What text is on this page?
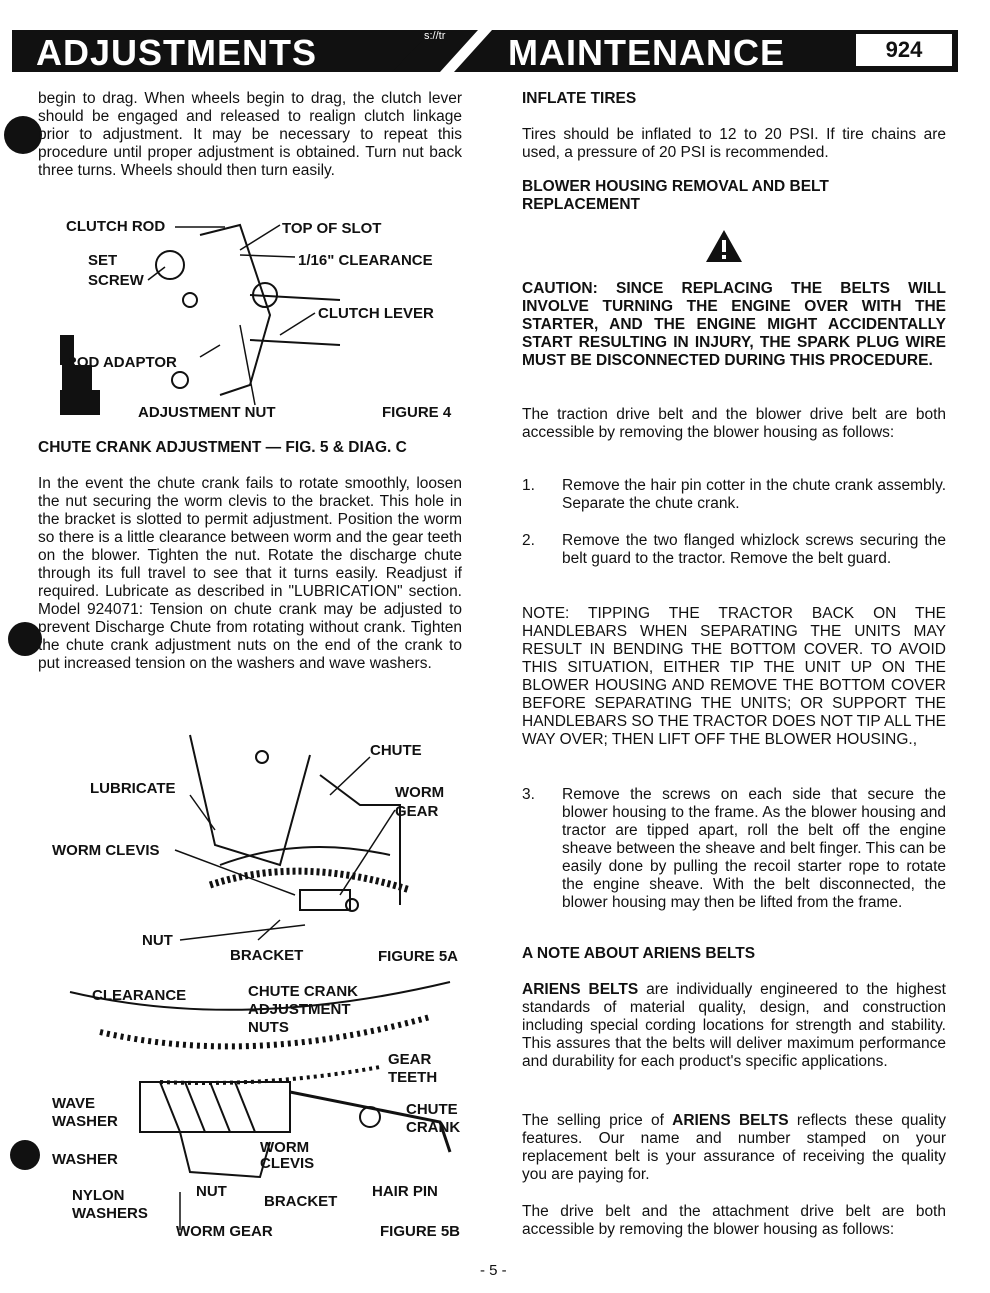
ADJUSTMENTS	MAINTENANCE
s://tr
924
begin to drag. When wheels begin to drag, the clutch lever should be engaged and released to realign clutch linkage prior to adjustment. It may be necessary to repeat this procedure until proper adjustment is obtained. Turn nut back three turns. Wheels should then turn easily.
CLUTCH ROD	TOP OF SLOT
SET
SCREW
1/16" CLEARANCE
CLUTCH LEVER
ROD ADAPTOR
ADJUSTMENT NUT	FIGURE 4
CHUTE CRANK ADJUSTMENT — FIG. 5 & DIAG. C
In the event the chute crank fails to rotate smoothly, loosen the nut securing the worm clevis to the bracket. This hole in the bracket is slotted to permit adjustment. Position the worm so there is a little clearance between worm and the gear teeth on the blower. Tighten the nut. Rotate the discharge chute through its full travel to see that it turns easily. Readjust if required. Lubricate as described in "LUBRICATION" section. Model 924071: Tension on chute crank may be adjusted to prevent Discharge Chute from rotating without crank. Tighten the chute crank adjustment nuts on the end of the crank to put increased tension on the washers and wave washers.
CHUTE
LUBRICATE	WORM
GEAR
WORM CLEVIS
NUT
BRACKET	FIGURE 5A
CLEARANCE	CHUTE CRANK
ADJUSTMENT
NUTS
GEAR
TEETH
WAVE
WASHER
CHUTE
CRANK
WORM
CLEVIS
WASHER
NYLON
WASHERS
NUT
BRACKET
HAIR PIN
WORM GEAR	FIGURE 5B
INFLATE TIRES
Tires should be inflated to 12 to 20 PSI. If tire chains are used, a pressure of 20 PSI is recommended.
BLOWER HOUSING REMOVAL AND BELT REPLACEMENT
CAUTION: SINCE REPLACING THE BELTS WILL INVOLVE TURNING THE ENGINE OVER WITH THE STARTER, AND THE ENGINE MIGHT ACCIDENTALLY START RESULTING IN INJURY, THE SPARK PLUG WIRE MUST BE DISCONNECTED DURING THIS PROCEDURE.
The traction drive belt and the blower drive belt are both accessible by removing the blower housing as follows:
1.	Remove the hair pin cotter in the chute crank assembly. Separate the chute crank.
2.	Remove the two flanged whizlock screws securing the belt guard to the tractor. Remove the belt guard.
NOTE: TIPPING THE TRACTOR BACK ON THE HANDLEBARS WHEN SEPARATING THE UNITS MAY RESULT IN BENDING THE BOTTOM COVER. TO AVOID THIS SITUATION, EITHER TIP THE UNIT UP ON THE BLOWER HOUSING AND REMOVE THE BOTTOM COVER BEFORE SEPARATING THE UNITS; OR SUPPORT THE HANDLEBARS SO THE TRACTOR DOES NOT TIP ALL THE WAY OVER; THEN LIFT OFF THE BLOWER HOUSING.,
3.	Remove the screws on each side that secure the blower housing to the frame. As the blower housing and tractor are tipped apart, roll the belt off the engine sheave between the sheave and belt finger. This can be easily done by pulling the recoil starter rope to rotate the engine sheave. With the belt disconnected, the blower housing may then be lifted from the frame.
A NOTE ABOUT ARIENS BELTS
ARIENS BELTS are individually engineered to the highest standards of material quality, design, and construction including special cording locations for strength and stability. This assures that the belts will deliver maximum performance and durability for each product's specific applications.
The selling price of ARIENS BELTS reflects these quality features. Our name and number stamped on your replacement belt is your assurance of receiving the quality you are paying for.
The drive belt and the attachment drive belt are both accessible by removing the blower housing as follows:
- 5 -
